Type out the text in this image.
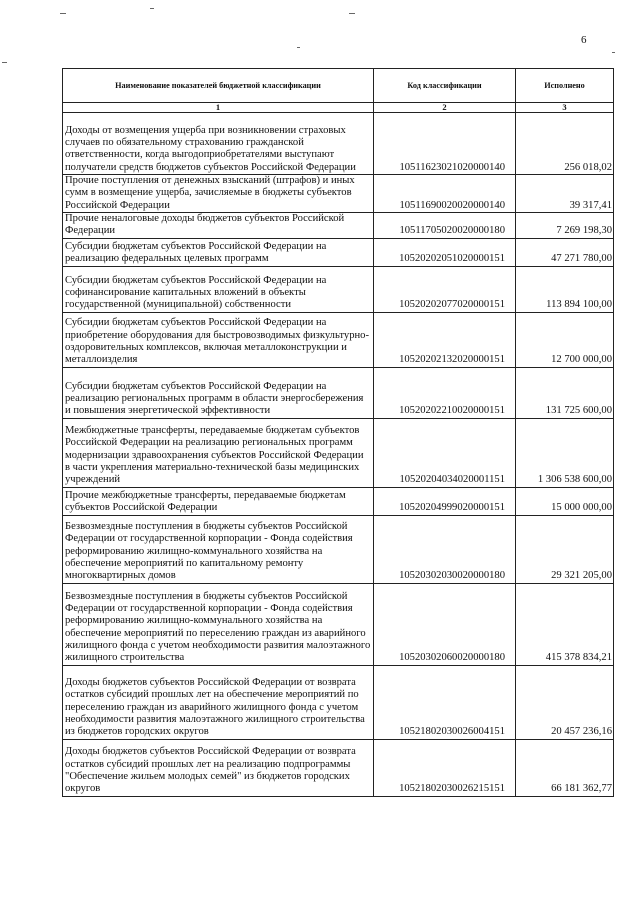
6
Наименование показателей бюджетной классификации	Код классификации	Исполнено
1	2	3

Доходы от возмещения ущерба при возникновении страховых случаев по обязательному страхованию гражданской ответственности, когда выгодоприобретателями выступают получатели средств бюджетов субъектов Российской Федерации	10511623021020000140	256 018,02

Прочие поступления от денежных взысканий (штрафов) и иных сумм в возмещение ущерба, зачисляемые в бюджеты субъектов Российской Федерации	10511690020020000140	39 317,41

Прочие неналоговые доходы бюджетов субъектов Российской Федерации	10511705020020000180	7 269 198,30

Субсидии бюджетам субъектов Российской Федерации на реализацию федеральных целевых программ	10520202051020000151	47 271 780,00

Субсидии бюджетам субъектов Российской Федерации на софинансирование капитальных вложений в объекты государственной (муниципальной) собственности	10520202077020000151	113 894 100,00

Субсидии бюджетам субъектов Российской Федерации на приобретение оборудования для быстровозводимых физкультурно-оздоровительных комплексов, включая металлоконструкции и металлоизделия	10520202132020000151	12 700 000,00

Субсидии бюджетам субъектов Российской Федерации на реализацию региональных программ в области энергосбережения и повышения энергетической эффективности	10520202210020000151	131 725 600,00

Межбюджетные трансферты, передаваемые бюджетам субъектов Российской Федерации на реализацию региональных программ модернизации здравоохранения субъектов Российской Федерации в части укрепления материально-технической базы медицинских учреждений	10520204034020001151	1 306 538 600,00

Прочие межбюджетные трансферты, передаваемые бюджетам субъектов Российской Федерации	10520204999020000151	15 000 000,00

Безвозмездные поступления в бюджеты субъектов Российской Федерации от государственной корпорации - Фонда содействия реформированию жилищно-коммунального хозяйства на обеспечение мероприятий по капитальному ремонту многоквартирных домов	10520302030020000180	29 321 205,00

Безвозмездные поступления в бюджеты субъектов Российской Федерации от государственной корпорации - Фонда содействия реформированию жилищно-коммунального хозяйства на обеспечение мероприятий по переселению граждан из аварийного жилищного фонда с учетом необходимости развития малоэтажного жилищного строительства	10520302060020000180	415 378 834,21

Доходы бюджетов субъектов Российской Федерации от возврата остатков субсидий прошлых лет на обеспечение мероприятий по переселению граждан из аварийного жилищного фонда с учетом необходимости развития малоэтажного жилищного строительства из бюджетов городских округов	10521802030026004151	20 457 236,16

Доходы бюджетов субъектов Российской Федерации от возврата остатков субсидий прошлых лет на реализацию подпрограммы "Обеспечение жильем молодых семей" из бюджетов городских округов	10521802030026215151	66 181 362,77
